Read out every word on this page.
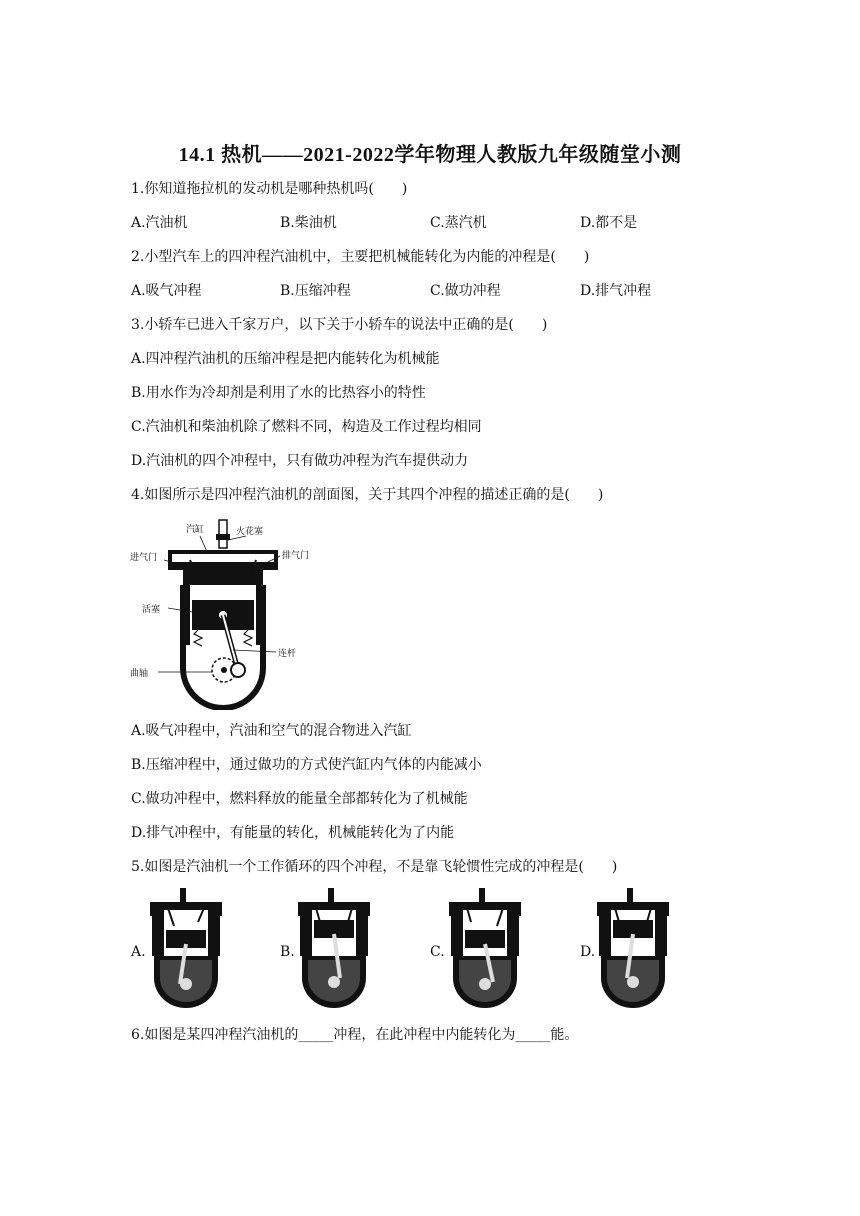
14.1 热机——2021-2022学年物理人教版九年级随堂小测
1.你知道拖拉机的发动机是哪种热机吗(　　)
A.汽油机	B.柴油机	C.蒸汽机	D.都不是
2.小型汽车上的四冲程汽油机中，主要把机械能转化为内能的冲程是(　　)
A.吸气冲程	B.压缩冲程	C.做功冲程	D.排气冲程
3.小轿车已进入千家万户，以下关于小轿车的说法中正确的是(　　)
A.四冲程汽油机的压缩冲程是把内能转化为机械能
B.用水作为冷却剂是利用了水的比热容小的特性
C.汽油机和柴油机除了燃料不同，构造及工作过程均相同
D.汽油机的四个冲程中，只有做功冲程为汽车提供动力
4.如图所示是四冲程汽油机的剖面图，关于其四个冲程的描述正确的是(　　)
汽缸	火花塞
进气门	排气门
活塞
连杆
曲轴
A.吸气冲程中，汽油和空气的混合物进入汽缸
B.压缩冲程中，通过做功的方式使汽缸内气体的内能减小
C.做功冲程中，燃料释放的能量全部都转化为了机械能
D.排气冲程中，有能量的转化，机械能转化为了内能
5.如图是汽油机一个工作循环的四个冲程，不是靠飞轮惯性完成的冲程是(　　)
A.	B.	C.	D.
6.如图是某四冲程汽油机的_____冲程，在此冲程中内能转化为_____能。
